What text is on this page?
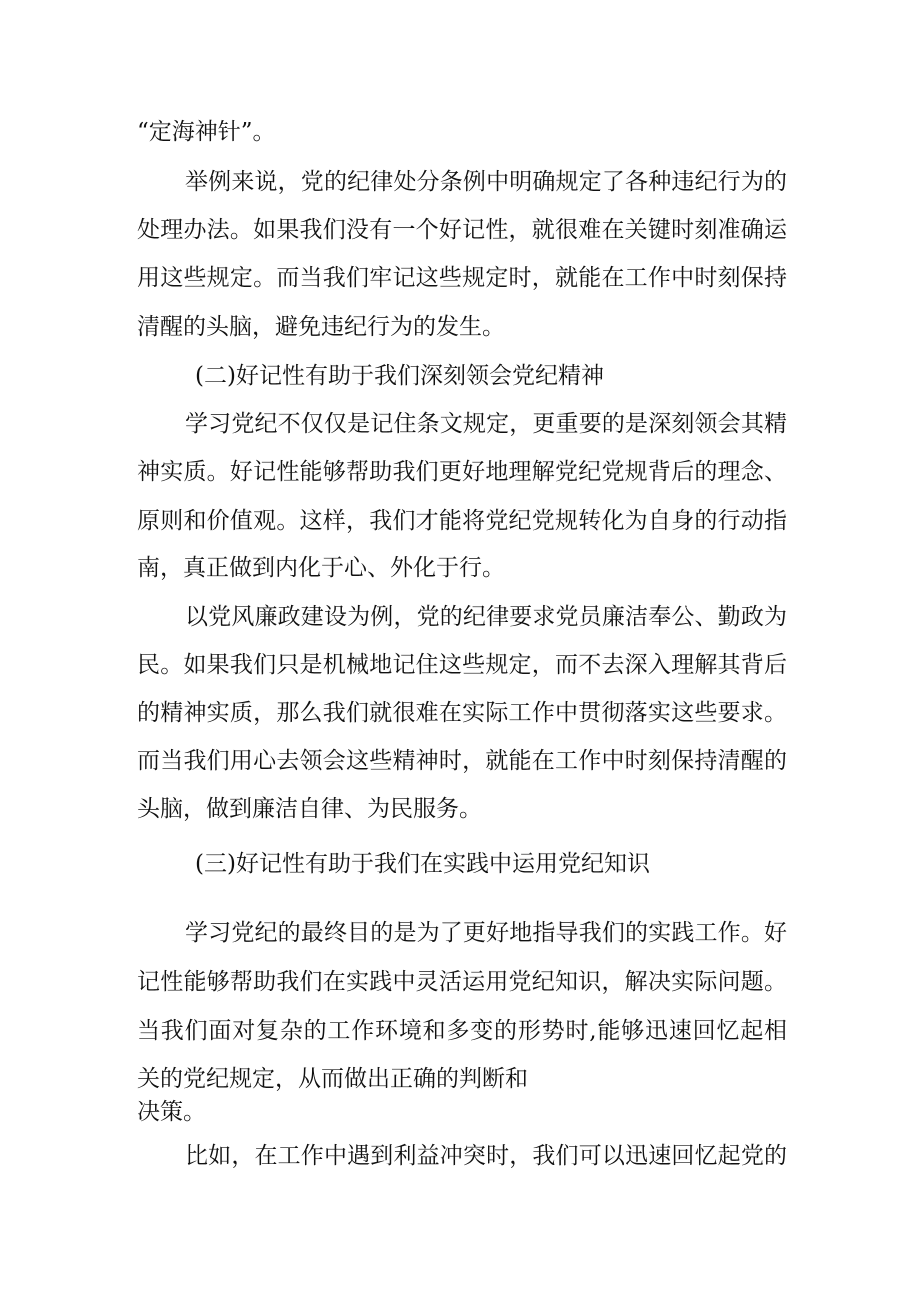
“定海神针”。
举例来说，党的纪律处分条例中明确规定了各种违纪行为的
处理办法。如果我们没有一个好记性，就很难在关键时刻准确运
用这些规定。而当我们牢记这些规定时，就能在工作中时刻保持
清醒的头脑，避免违纪行为的发生。
(二)好记性有助于我们深刻领会党纪精神
学习党纪不仅仅是记住条文规定，更重要的是深刻领会其精
神实质。好记性能够帮助我们更好地理解党纪党规背后的理念、
原则和价值观。这样，我们才能将党纪党规转化为自身的行动指
南，真正做到内化于心、外化于行。
以党风廉政建设为例，党的纪律要求党员廉洁奉公、勤政为
民。如果我们只是机械地记住这些规定，而不去深入理解其背后
的精神实质，那么我们就很难在实际工作中贯彻落实这些要求。
而当我们用心去领会这些精神时，就能在工作中时刻保持清醒的
头脑，做到廉洁自律、为民服务。
(三)好记性有助于我们在实践中运用党纪知识
学习党纪的最终目的是为了更好地指导我们的实践工作。好
记性能够帮助我们在实践中灵活运用党纪知识，解决实际问题。
当我们面对复杂的工作环境和多变的形势时,能够迅速回忆起相
关的党纪规定，从而做出正确的判断和
决策。
比如，在工作中遇到利益冲突时，我们可以迅速回忆起党的
